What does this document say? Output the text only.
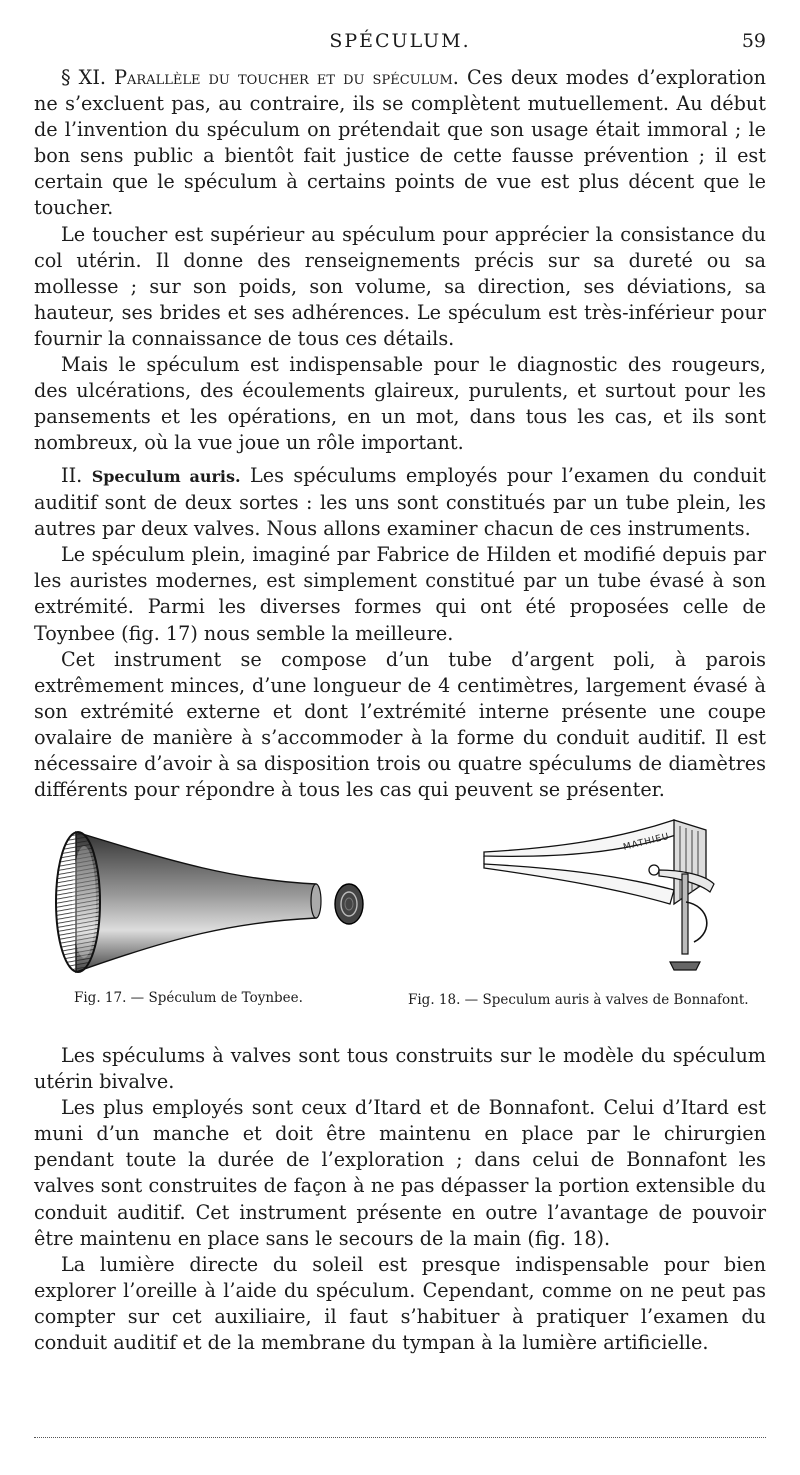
SPÉCULUM.	59

§ XI. Parallèle du toucher et du spéculum. Ces deux modes d’exploration ne s’excluent pas, au contraire, ils se complètent mutuellement. Au début de l’invention du spéculum on prétendait que son usage était immoral ; le bon sens public a bientôt fait justice de cette fausse prévention ; il est certain que le spéculum à certains points de vue est plus décent que le toucher.

Le toucher est supérieur au spéculum pour apprécier la consistance du col utérin. Il donne des renseignements précis sur sa dureté ou sa mollesse ; sur son poids, son volume, sa direction, ses déviations, sa hauteur, ses brides et ses adhérences. Le spéculum est très-inférieur pour fournir la connaissance de tous ces détails.

Mais le spéculum est indispensable pour le diagnostic des rougeurs, des ulcérations, des écoulements glaireux, purulents, et surtout pour les pansements et les opérations, en un mot, dans tous les cas, et ils sont nombreux, où la vue joue un rôle important.

II. Speculum auris. Les spéculums employés pour l’examen du conduit auditif sont de deux sortes : les uns sont constitués par un tube plein, les autres par deux valves. Nous allons examiner chacun de ces instruments.

Le spéculum plein, imaginé par Fabrice de Hilden et modifié depuis par les auristes modernes, est simplement constitué par un tube évasé à son extrémité. Parmi les diverses formes qui ont été proposées celle de Toynbee (fig. 17) nous semble la meilleure.

Cet instrument se compose d’un tube d’argent poli, à parois extrêmement minces, d’une longueur de 4 centimètres, largement évasé à son extrémité externe et dont l’extrémité interne présente une coupe ovalaire de manière à s’accommoder à la forme du conduit auditif. Il est nécessaire d’avoir à sa disposition trois ou quatre spéculums de diamètres différents pour répondre à tous les cas qui peuvent se présenter.

MATHIEU
Fig. 17. — Spéculum de Toynbee.	Fig. 18. — Speculum auris à valves de Bonnafont.

Les spéculums à valves sont tous construits sur le modèle du spéculum utérin bivalve.

Les plus employés sont ceux d’Itard et de Bonnafont. Celui d’Itard est muni d’un manche et doit être maintenu en place par le chirurgien pendant toute la durée de l’exploration ; dans celui de Bonnafont les valves sont construites de façon à ne pas dépasser la portion extensible du conduit auditif. Cet instrument présente en outre l’avantage de pouvoir être maintenu en place sans le secours de la main (fig. 18).

La lumière directe du soleil est presque indispensable pour bien explorer l’oreille à l’aide du spéculum. Cependant, comme on ne peut pas compter sur cet auxiliaire, il faut s’habituer à pratiquer l’examen du conduit auditif et de la membrane du tympan à la lumière artificielle.
